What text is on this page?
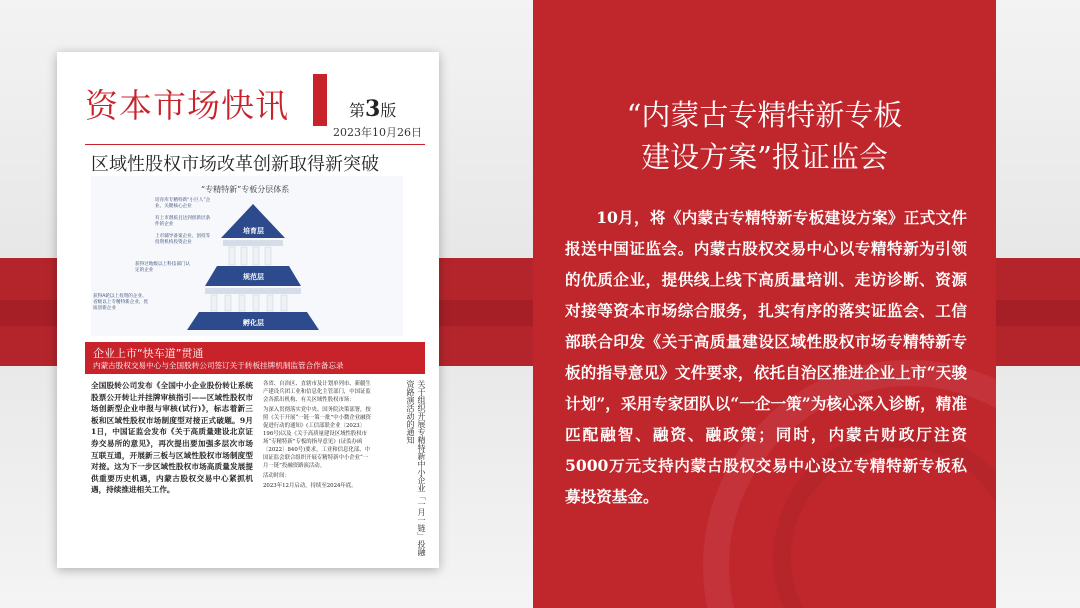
资本市场快讯	第3版
2023年10月26日
区域性股权市场改革创新取得新突破
“专精特新”专板分层体系
培育库专精特新“小巨人”企业、关键核心企业
有上市潜质且达到创新层条件的企业
上市辅导备案企业、创投等投资机构投资企业
获得过地级以上科技部门认定的企业
获得A轮以上投资的企业、省级以上专精特新企业，优质创新企业
培育层
规范层
孵化层
企业上市“快车道”贯通
内蒙古股权交易中心与全国股转公司签订关于转板挂牌机制监管合作备忘录
全国股转公司发布《全国中小企业股份转让系统股票公开转让并挂牌审核指引——区域性股权市场创新型企业申报与审核(试行)》，标志着新三板和区域性股权市场制度型对接正式破题。9月1日，中国证监会发布《关于高质量建设北京证券交易所的意见》，再次提出要加强多层次市场互联互通，开展新三板与区域性股权市场制度型对接。这为下一步区域性股权市场高质量发展提供重要历史机遇，内蒙古股权交易中心紧抓机遇，持续推进相关工作。

各省、自治区、直辖市及计划单列市、新疆生产建设兵团工业和信息化主管部门，中国证监会各派出机构、有关区域性股权市场：

为深入贯彻落实党中央、国务院决策部署，按照《关于开展“一链一策一批”中小微企业融资促进行动的通知》(工信部联企业〔2023〕196号)以及《关于高质量建设区域性股权市场“专精特新”专板的指导意见》(证监办函〔2022〕840号)要求，工业和信息化部、中国证监会联合组织开展专精特新中小企业“一月一链”投融资路演活动。

活动时间：

2023年12月启动，持续至2024年底。	关于组织开展专精特新中小企业「一月一链」投融资路演活动的通知
“内蒙古专精特新专板
建设方案”报证监会
10月，将《内蒙古专精特新专板建设方案》正式文件报送中国证监会。内蒙古股权交易中心以专精特新为引领的优质企业，提供线上线下高质量培训、走访诊断、资源对接等资本市场综合服务，扎实有序的落实证监会、工信部联合印发《关于高质量建设区域性股权市场专精特新专板的指导意见》文件要求，依托自治区推进企业上市“天骏计划”，采用专家团队以“一企一策”为核心深入诊断，精准匹配融智、融资、融政策；同时，内蒙古财政厅注资5000万元支持内蒙古股权交易中心设立专精特新专板私募投资基金。
